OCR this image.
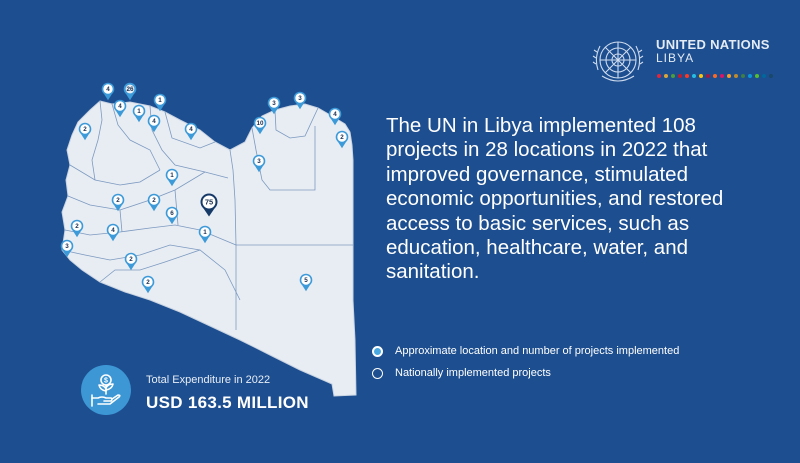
4	26
4
1
1
4
4
2
3
3
10
4
2
3
1
75
2	2
6
2
4	1
3
2
2	5
UNITED NATIONS
LIBYA
The UN in Libya implemented 108 projects in 28 locations in 2022 that improved governance, stimulated economic opportunities, and restored access to basic services, such as education, healthcare, water, and sanitation.
Approximate location and number of projects implemented
Nationally implemented projects
$	Total Expenditure in 2022
USD 163.5 MILLION
